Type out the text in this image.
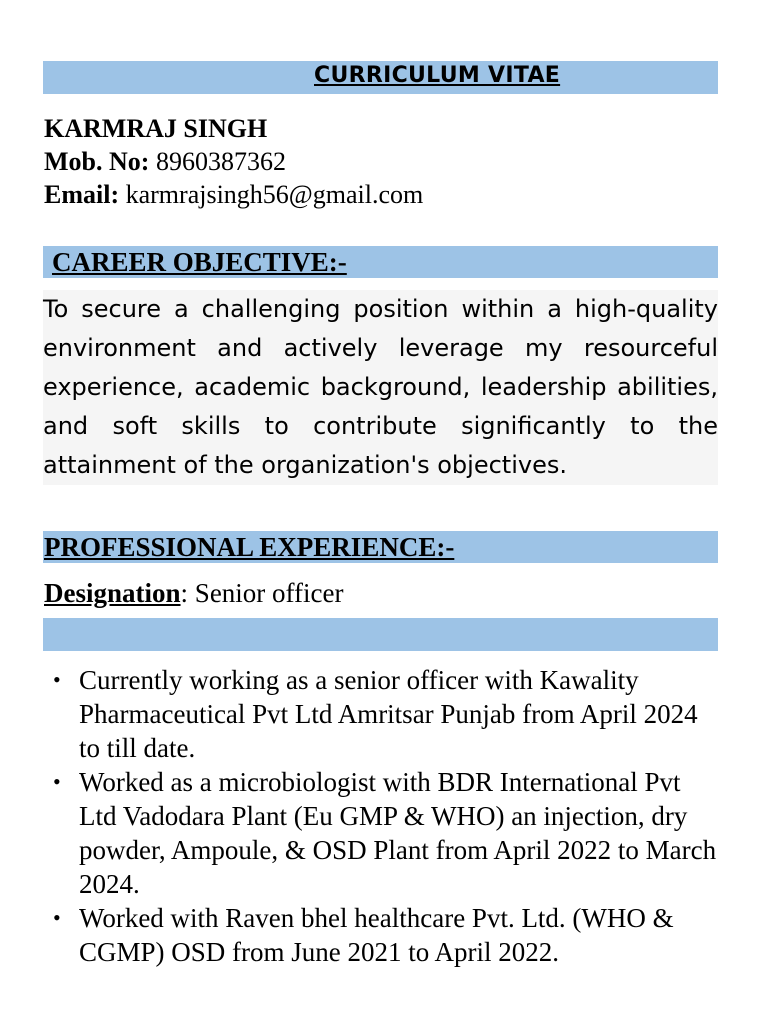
CURRICULUM VITAE
KARMRAJ SINGH
Mob. No: 8960387362
Email: karmrajsingh56@gmail.com
CAREER OBJECTIVE:-

To secure a challenging position within a high-quality environment and actively leverage my resourceful experience, academic background, leadership abilities, and soft skills to contribute significantly to the attainment of the organization's objectives.

PROFESSIONAL EXPERIENCE:-
Designation: Senior officer
• Currently working as a senior officer with Kawality Pharmaceutical Pvt Ltd Amritsar Punjab from April 2024 to till date.
• Worked as a microbiologist with BDR International Pvt Ltd Vadodara Plant (Eu GMP & WHO) an injection, dry powder, Ampoule, & OSD Plant from April 2022 to March 2024.
• Worked with Raven bhel healthcare Pvt. Ltd. (WHO & CGMP) OSD from June 2021 to April 2022.
